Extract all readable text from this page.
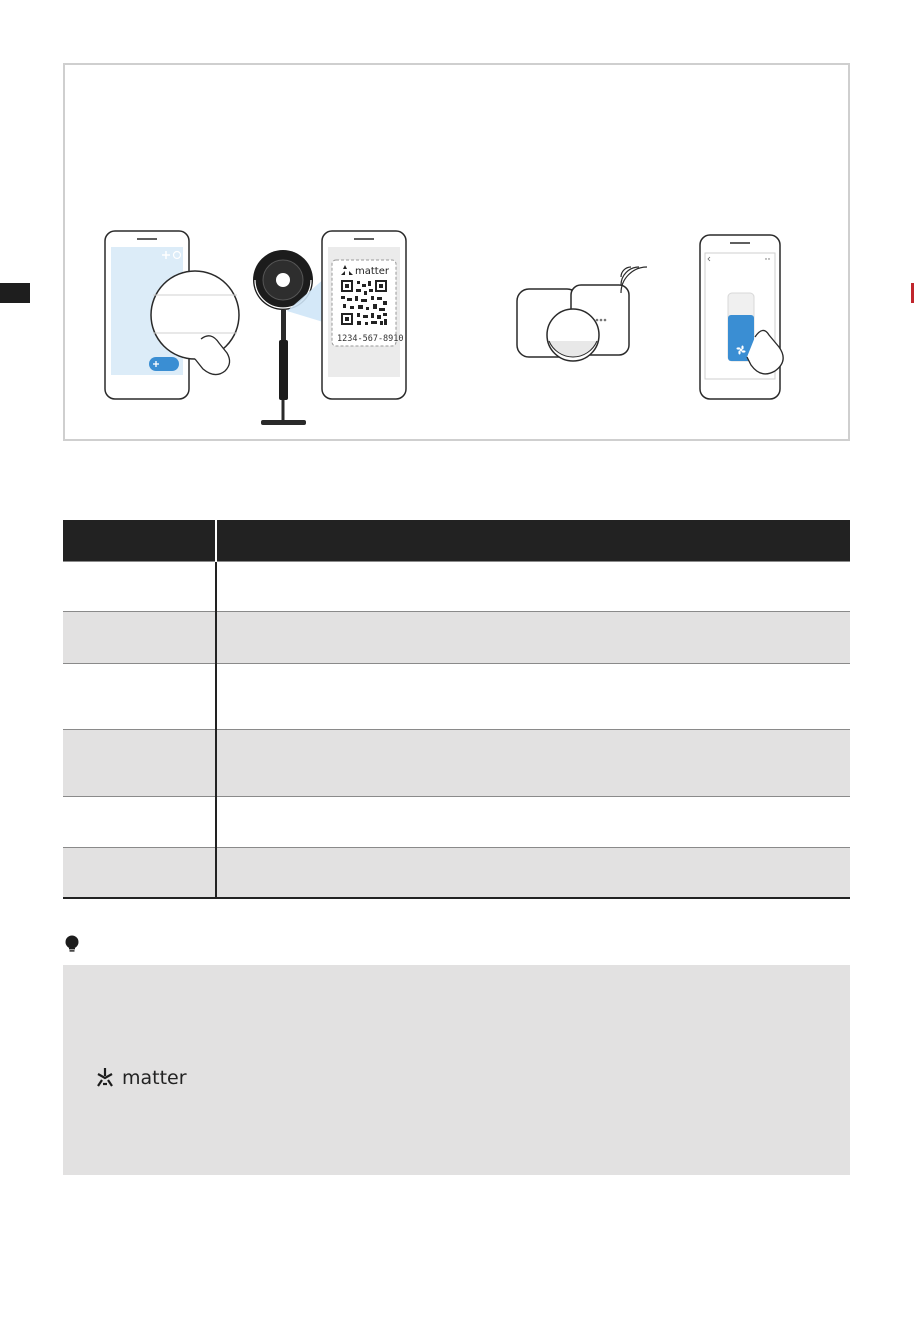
matter
1234-567-8910

matter
